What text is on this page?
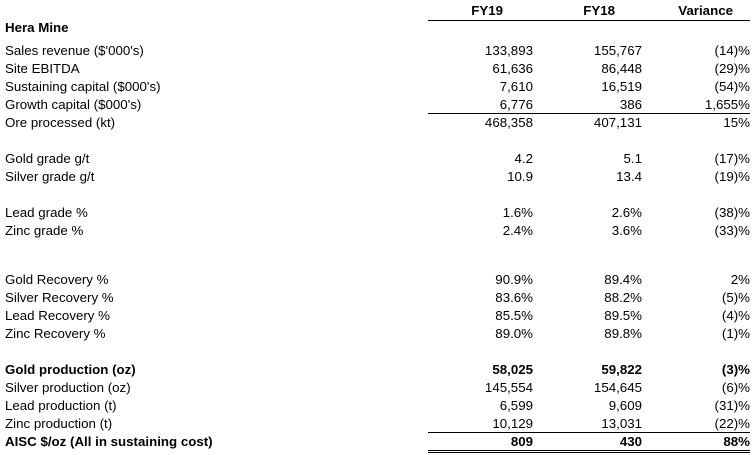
FY19	FY18	Variance
Hera Mine
Sales revenue ($'000's)	133,893	155,767	(14)%
Site EBITDA	61,636	86,448	(29)%
Sustaining capital ($000's)	7,610	16,519	(54)%
Growth capital ($000's)	6,776	386	1,655%
Ore processed (kt)	468,358	407,131	15%
Gold grade g/t	4.2	5.1	(17)%
Silver grade g/t	10.9	13.4	(19)%
Lead grade %	1.6%	2.6%	(38)%
Zinc grade %	2.4%	3.6%	(33)%
Gold Recovery %	90.9%	89.4%	2%
Silver Recovery %	83.6%	88.2%	(5)%
Lead Recovery %	85.5%	89.5%	(4)%
Zinc Recovery %	89.0%	89.8%	(1)%
Gold production (oz)	58,025	59,822	(3)%
Silver production (oz)	145,554	154,645	(6)%
Lead production (t)	6,599	9,609	(31)%
Zinc production (t)	10,129	13,031	(22)%
AISC $/oz (All in sustaining cost)	809	430	88%
